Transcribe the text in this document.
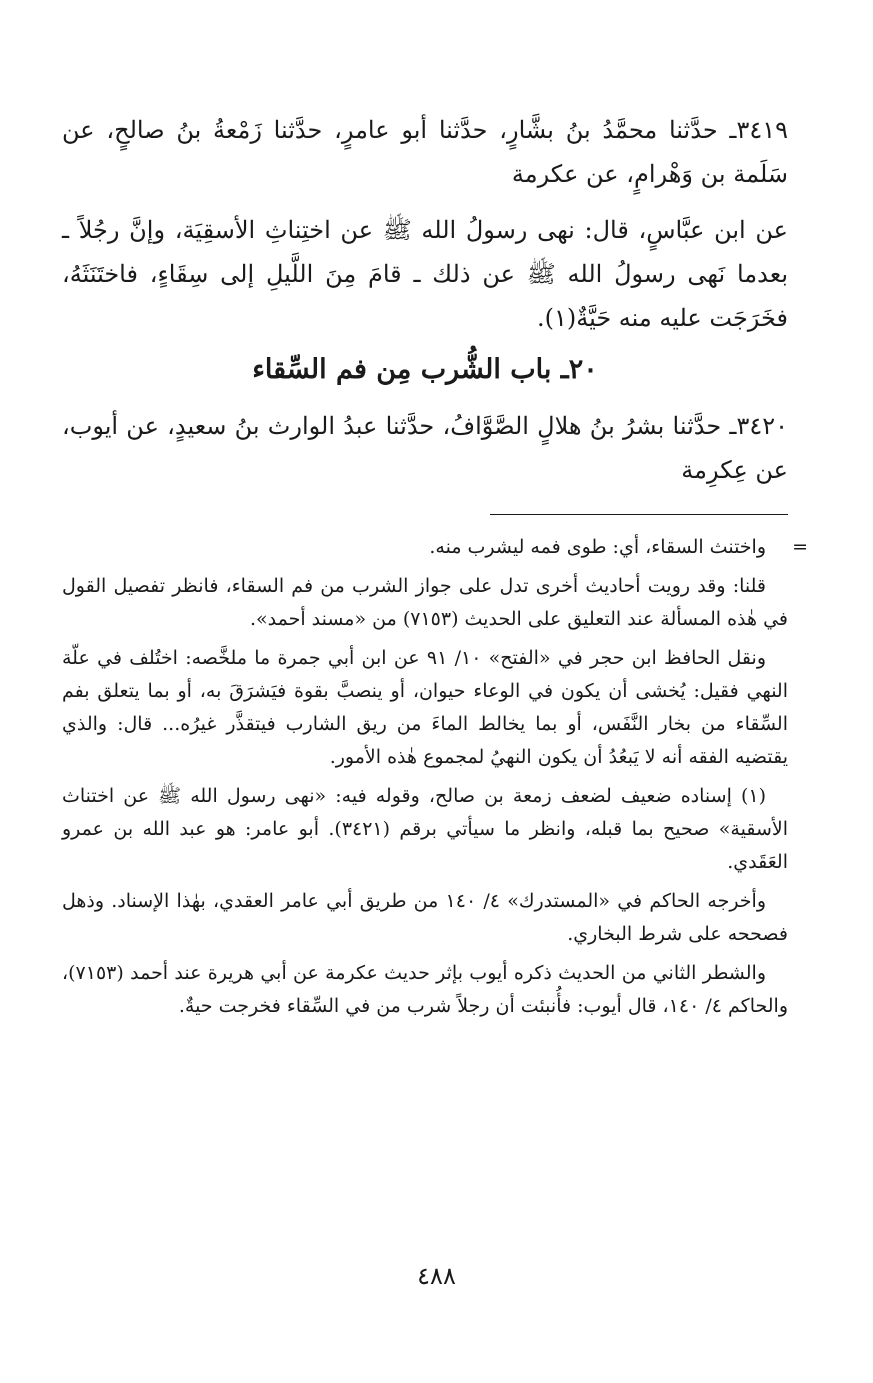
٣٤١٩ـ حدَّثنا محمَّدُ بنُ بشَّارٍ، حدَّثنا أبو عامرٍ، حدَّثنا زَمْعةُ بنُ صالحٍ، عن سَلَمة بن وَهْرامٍ، عن عكرمة

عن ابن عبَّاسٍ، قال: نهى رسولُ الله ﷺ عن اختِناثِ الأسقِيَة، وإنَّ رجُلاً ـ بعدما نَهى رسولُ الله ﷺ عن ذلك ـ قامَ مِنَ اللَّيلِ إلى سِقَاءٍ، فاختَنَثَهُ، فخَرَجَت عليه منه حَيَّةٌ(١).

٢٠ـ باب الشُّرب مِن فم السِّقاء

٣٤٢٠ـ حدَّثنا بشرُ بنُ هلالٍ الصَّوَّافُ، حدَّثنا عبدُ الوارث بنُ سعيدٍ، عن أيوب، عن عِكرِمة

=
واختنث السقاء، أي: طوى فمه ليشرب منه.

قلنا: وقد رويت أحاديث أخرى تدل على جواز الشرب من فم السقاء، فانظر تفصيل القول في هٰذه المسألة عند التعليق على الحديث (٧١٥٣) من «مسند أحمد».

ونقل الحافظ ابن حجر في «الفتح» ١٠/ ٩١ عن ابن أبي جمرة ما ملخَّصه: اختُلف في علّة النهي فقيل: يُخشى أن يكون في الوعاء حيوان، أو ينصبَّ بقوة فيَشرَقَ به، أو بما يتعلق بفم السِّقاء من بخار النَّفَس، أو بما يخالط الماءَ من ريق الشارب فيتقذَّر غيرُه... قال: والذي يقتضيه الفقه أنه لا يَبعُدُ أن يكون النهيُ لمجموع هٰذه الأمور.

(١) إسناده ضعيف لضعف زمعة بن صالح، وقوله فيه: «نهى رسول الله ﷺ عن اختناث الأسقية» صحيح بما قبله، وانظر ما سيأتي برقم (٣٤٢١). أبو عامر: هو عبد الله بن عمرو العَقَدي.

وأخرجه الحاكم في «المستدرك» ٤/ ١٤٠ من طريق أبي عامر العقدي، بهٰذا الإسناد. وذهل فصححه على شرط البخاري.

والشطر الثاني من الحديث ذكره أيوب بإثر حديث عكرمة عن أبي هريرة عند أحمد (٧١٥٣)، والحاكم ٤/ ١٤٠، قال أيوب: فأُنبئت أن رجلاً شرب من في السِّقاء فخرجت حيةٌ.

٤٨٨
